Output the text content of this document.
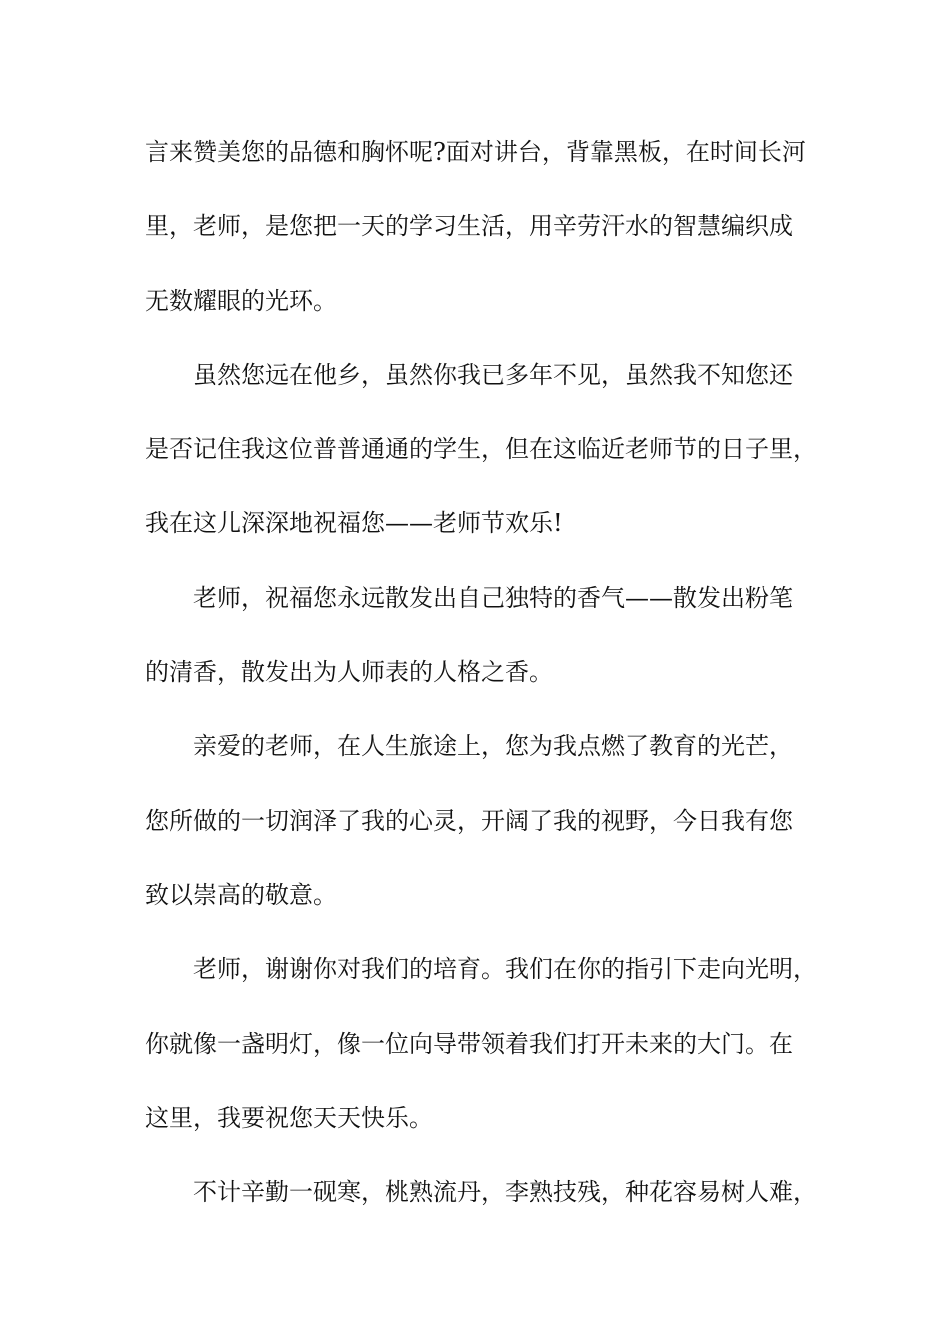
言来赞美您的品德和胸怀呢?面对讲台，背靠黑板，在时间长河
里，老师，是您把一天的学习生活，用辛劳汗水的智慧编织成
无数耀眼的光环。
虽然您远在他乡，虽然你我已多年不见，虽然我不知您还
是否记住我这位普普通通的学生，但在这临近老师节的日子里，
我在这儿深深地祝福您——老师节欢乐!
老师，祝福您永远散发出自己独特的香气——散发出粉笔
的清香，散发出为人师表的人格之香。
亲爱的老师，在人生旅途上，您为我点燃了教育的光芒，
您所做的一切润泽了我的心灵，开阔了我的视野，今日我有您
致以崇高的敬意。
老师，谢谢你对我们的培育。我们在你的指引下走向光明，
你就像一盏明灯，像一位向导带领着我们打开未来的大门。在
这里，我要祝您天天快乐。
不计辛勤一砚寒，桃熟流丹，李熟技残，种花容易树人难，
